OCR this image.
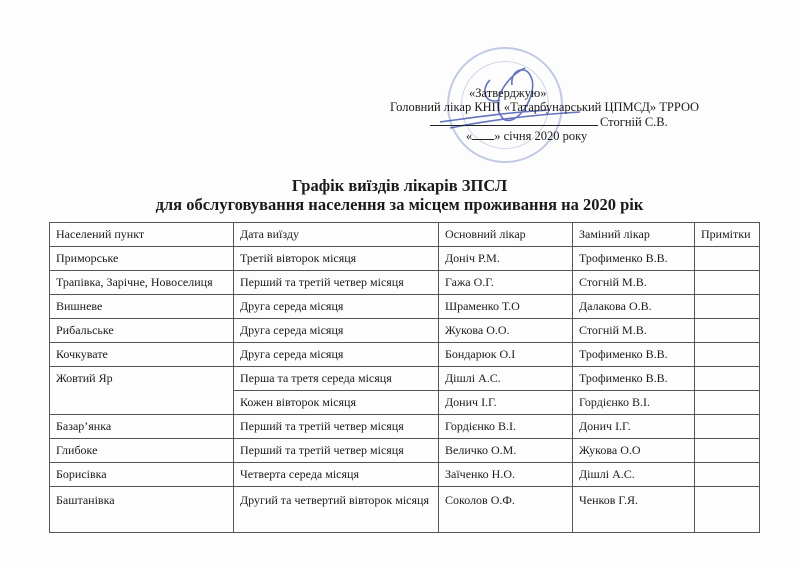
«Затверджую»
Головний лікар КНП «Татарбунарський ЦПМСД» ТРРОО
Стогній С.В.
« » січня 2020 року
Графік виїздів лікарів ЗПСЛ
для обслуговування населення за місцем проживання на 2020 рік
Населений пункт	Дата виїзду	Основний лікар	Заміний лікар	Примітки
Приморське	Третій вівторок місяця	Доніч Р.М.	Трофименко В.В.	
Трапівка, Зарічне, Новоселиця	Перший та третій четвер місяця	Гажа О.Г.	Стогній М.В.	
Вишневе	Друга середа місяця	Шраменко Т.О	Далакова О.В.	
Рибальське	Друга середа місяця	Жукова О.О.	Стогній М.В.	
Кочкувате	Друга середа місяця	Бондарюк О.І	Трофименко В.В.	
Жовтий Яр	Перша та третя середа місяця	Дішлі А.С.	Трофименко В.В.	
	Кожен вівторок місяця	Донич І.Г.	Гордієнко В.І.	
Базар’янка	Перший та третій четвер місяця	Гордієнко В.І.	Донич І.Г.	
Глибоке	Перший та третій четвер місяця	Величко О.М.	Жукова О.О	
Борисівка	Четверта середа місяця	Заїченко Н.О.	Дішлі А.С.	
Баштанівка	Другий та четвертий вівторок місяця	Соколов О.Ф.	Ченков Г.Я.	
